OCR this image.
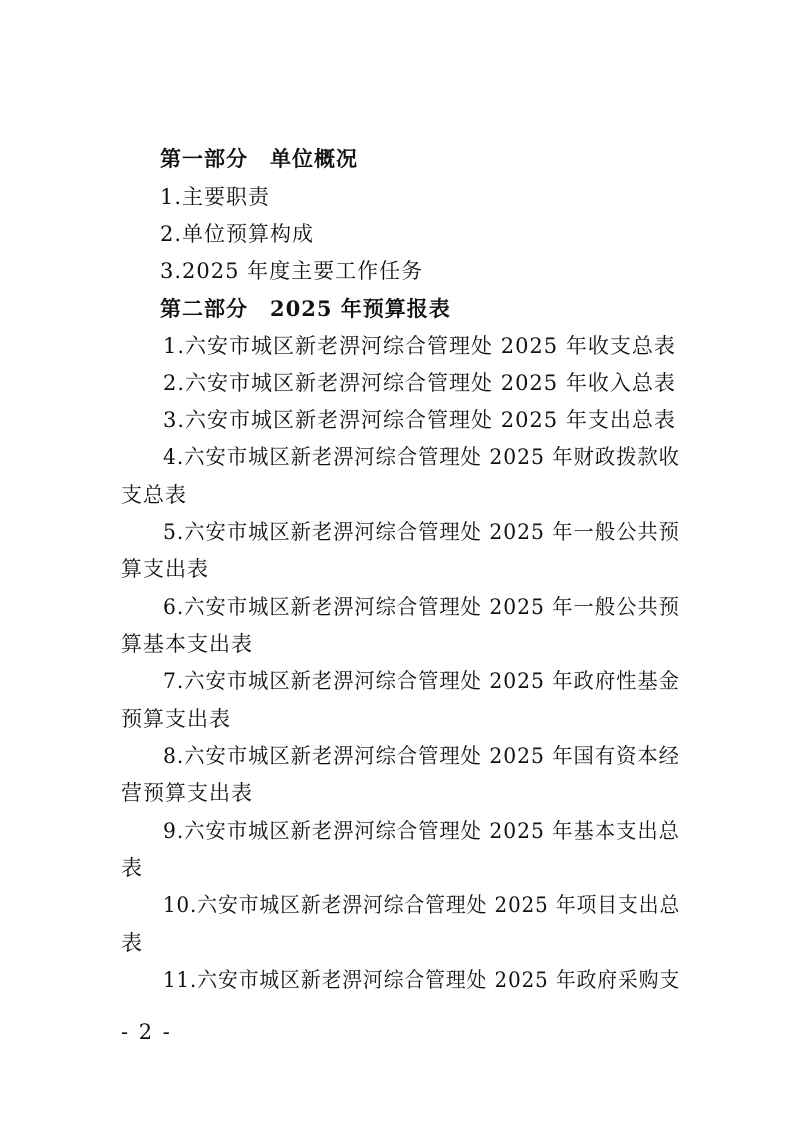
第一部分　单位概况
1.主要职责
2.单位预算构成
3.2025 年度主要工作任务
第二部分　2025 年预算报表
1.六安市城区新老淠河综合管理处 2025 年收支总表
2.六安市城区新老淠河综合管理处 2025 年收入总表
3.六安市城区新老淠河综合管理处 2025 年支出总表
4.六安市城区新老淠河综合管理处 2025 年财政拨款收
支总表
5.六安市城区新老淠河综合管理处 2025 年一般公共预
算支出表
6.六安市城区新老淠河综合管理处 2025 年一般公共预
算基本支出表
7.六安市城区新老淠河综合管理处 2025 年政府性基金
预算支出表
8.六安市城区新老淠河综合管理处 2025 年国有资本经
营预算支出表
9.六安市城区新老淠河综合管理处 2025 年基本支出总
表
10.六安市城区新老淠河综合管理处 2025 年项目支出总
表
11.六安市城区新老淠河综合管理处 2025 年政府采购支
- 2 -
